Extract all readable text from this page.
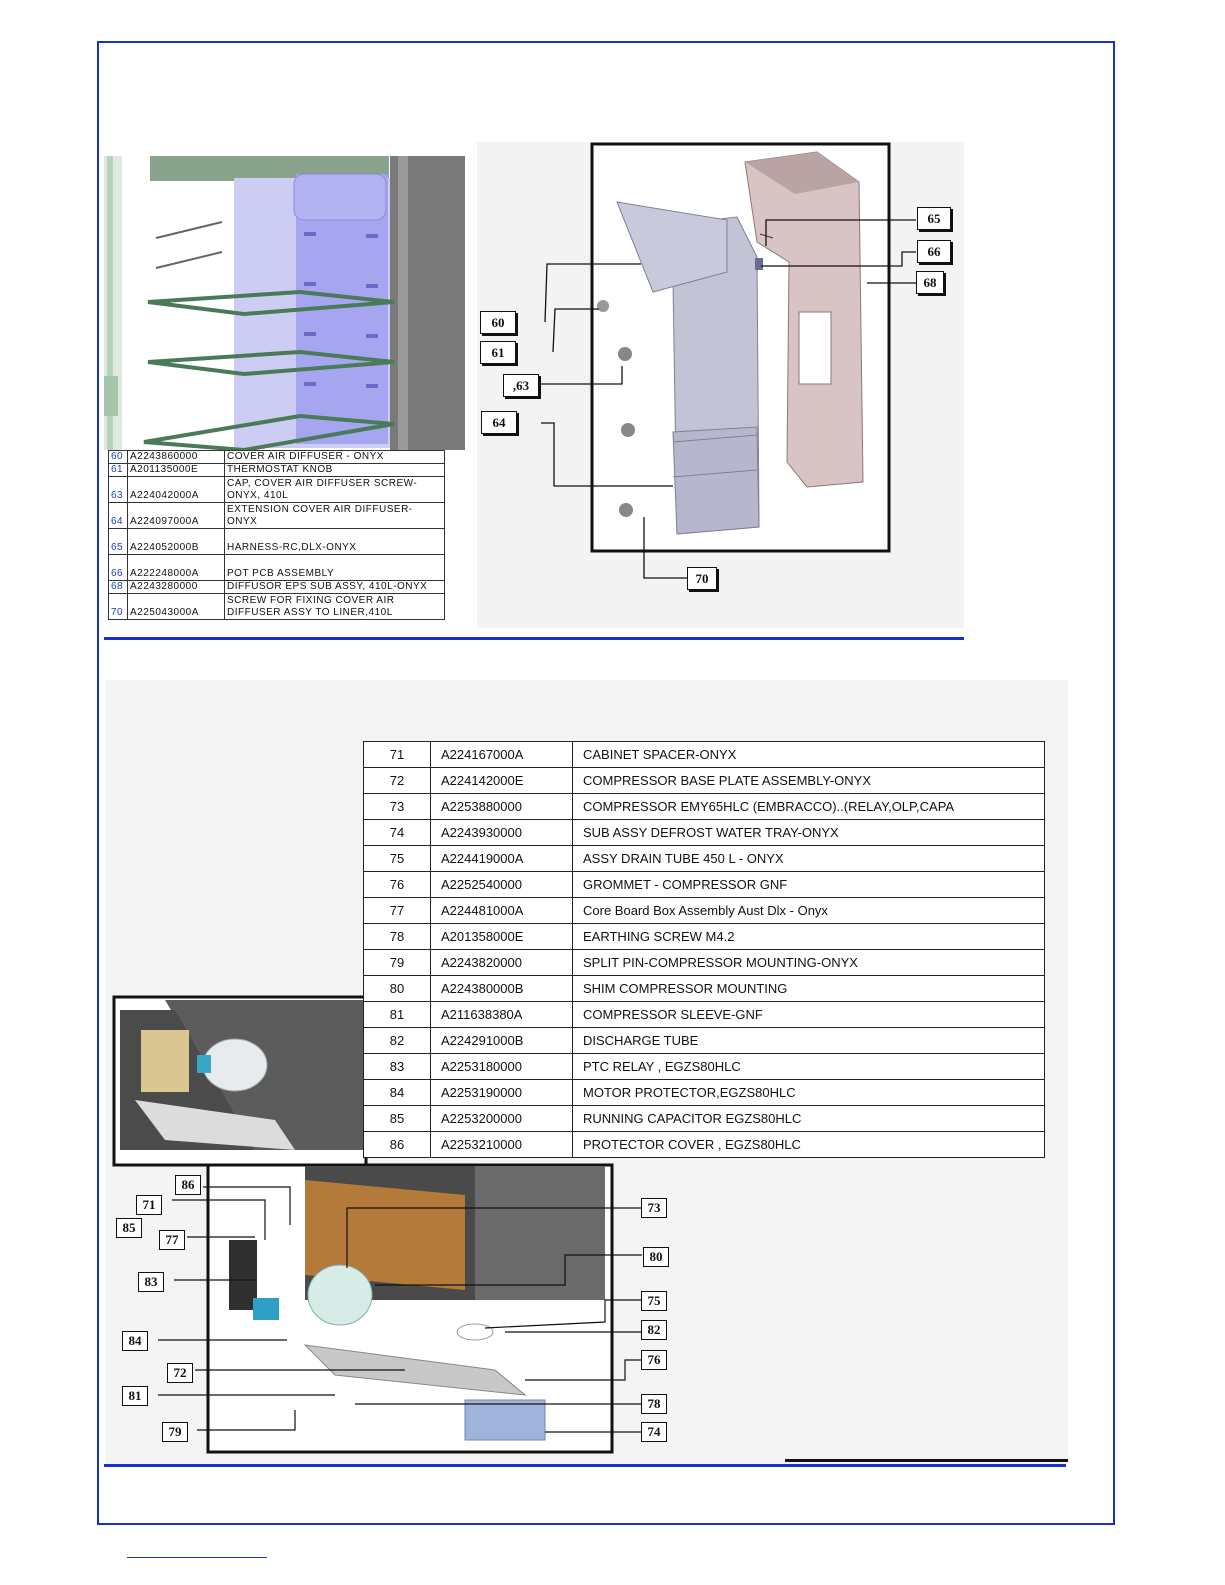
60	A2243860000	COVER AIR DIFFUSER - ONYX
61	A201135000E	THERMOSTAT KNOB
63	A224042000A	CAP, COVER AIR DIFFUSER SCREW-ONYX, 410L
64	A224097000A	EXTENSION COVER AIR DIFFUSER-ONYX
65	A224052000B	HARNESS-RC,DLX-ONYX
66	A222248000A	POT PCB ASSEMBLY
68	A2243280000	DIFFUSOR EPS SUB ASSY, 410L-ONYX
70	A225043000A	SCREW FOR FIXING COVER AIR DIFFUSER ASSY TO LINER,410L
60
61
,63
64
65
66
68
70
71	A224167000A	CABINET SPACER-ONYX
72	A224142000E	COMPRESSOR BASE PLATE ASSEMBLY-ONYX
73	A2253880000	COMPRESSOR EMY65HLC (EMBRACCO)..(RELAY,OLP,CAPA
74	A2243930000	SUB ASSY DEFROST WATER TRAY-ONYX
75	A224419000A	ASSY DRAIN TUBE 450 L - ONYX
76	A2252540000	GROMMET - COMPRESSOR GNF
77	A224481000A	Core Board Box Assembly Aust Dlx - Onyx
78	A201358000E	EARTHING SCREW M4.2
79	A2243820000	SPLIT PIN-COMPRESSOR MOUNTING-ONYX
80	A224380000B	SHIM COMPRESSOR MOUNTING
81	A211638380A	COMPRESSOR SLEEVE-GNF
82	A224291000B	DISCHARGE TUBE
83	A2253180000	PTC RELAY , EGZS80HLC
84	A2253190000	MOTOR PROTECTOR,EGZS80HLC
85	A2253200000	RUNNING CAPACITOR EGZS80HLC
86	A2253210000	PROTECTOR COVER , EGZS80HLC
86
71
85
77
83
84
72
81
79
73
80
75
82
76
78
74
